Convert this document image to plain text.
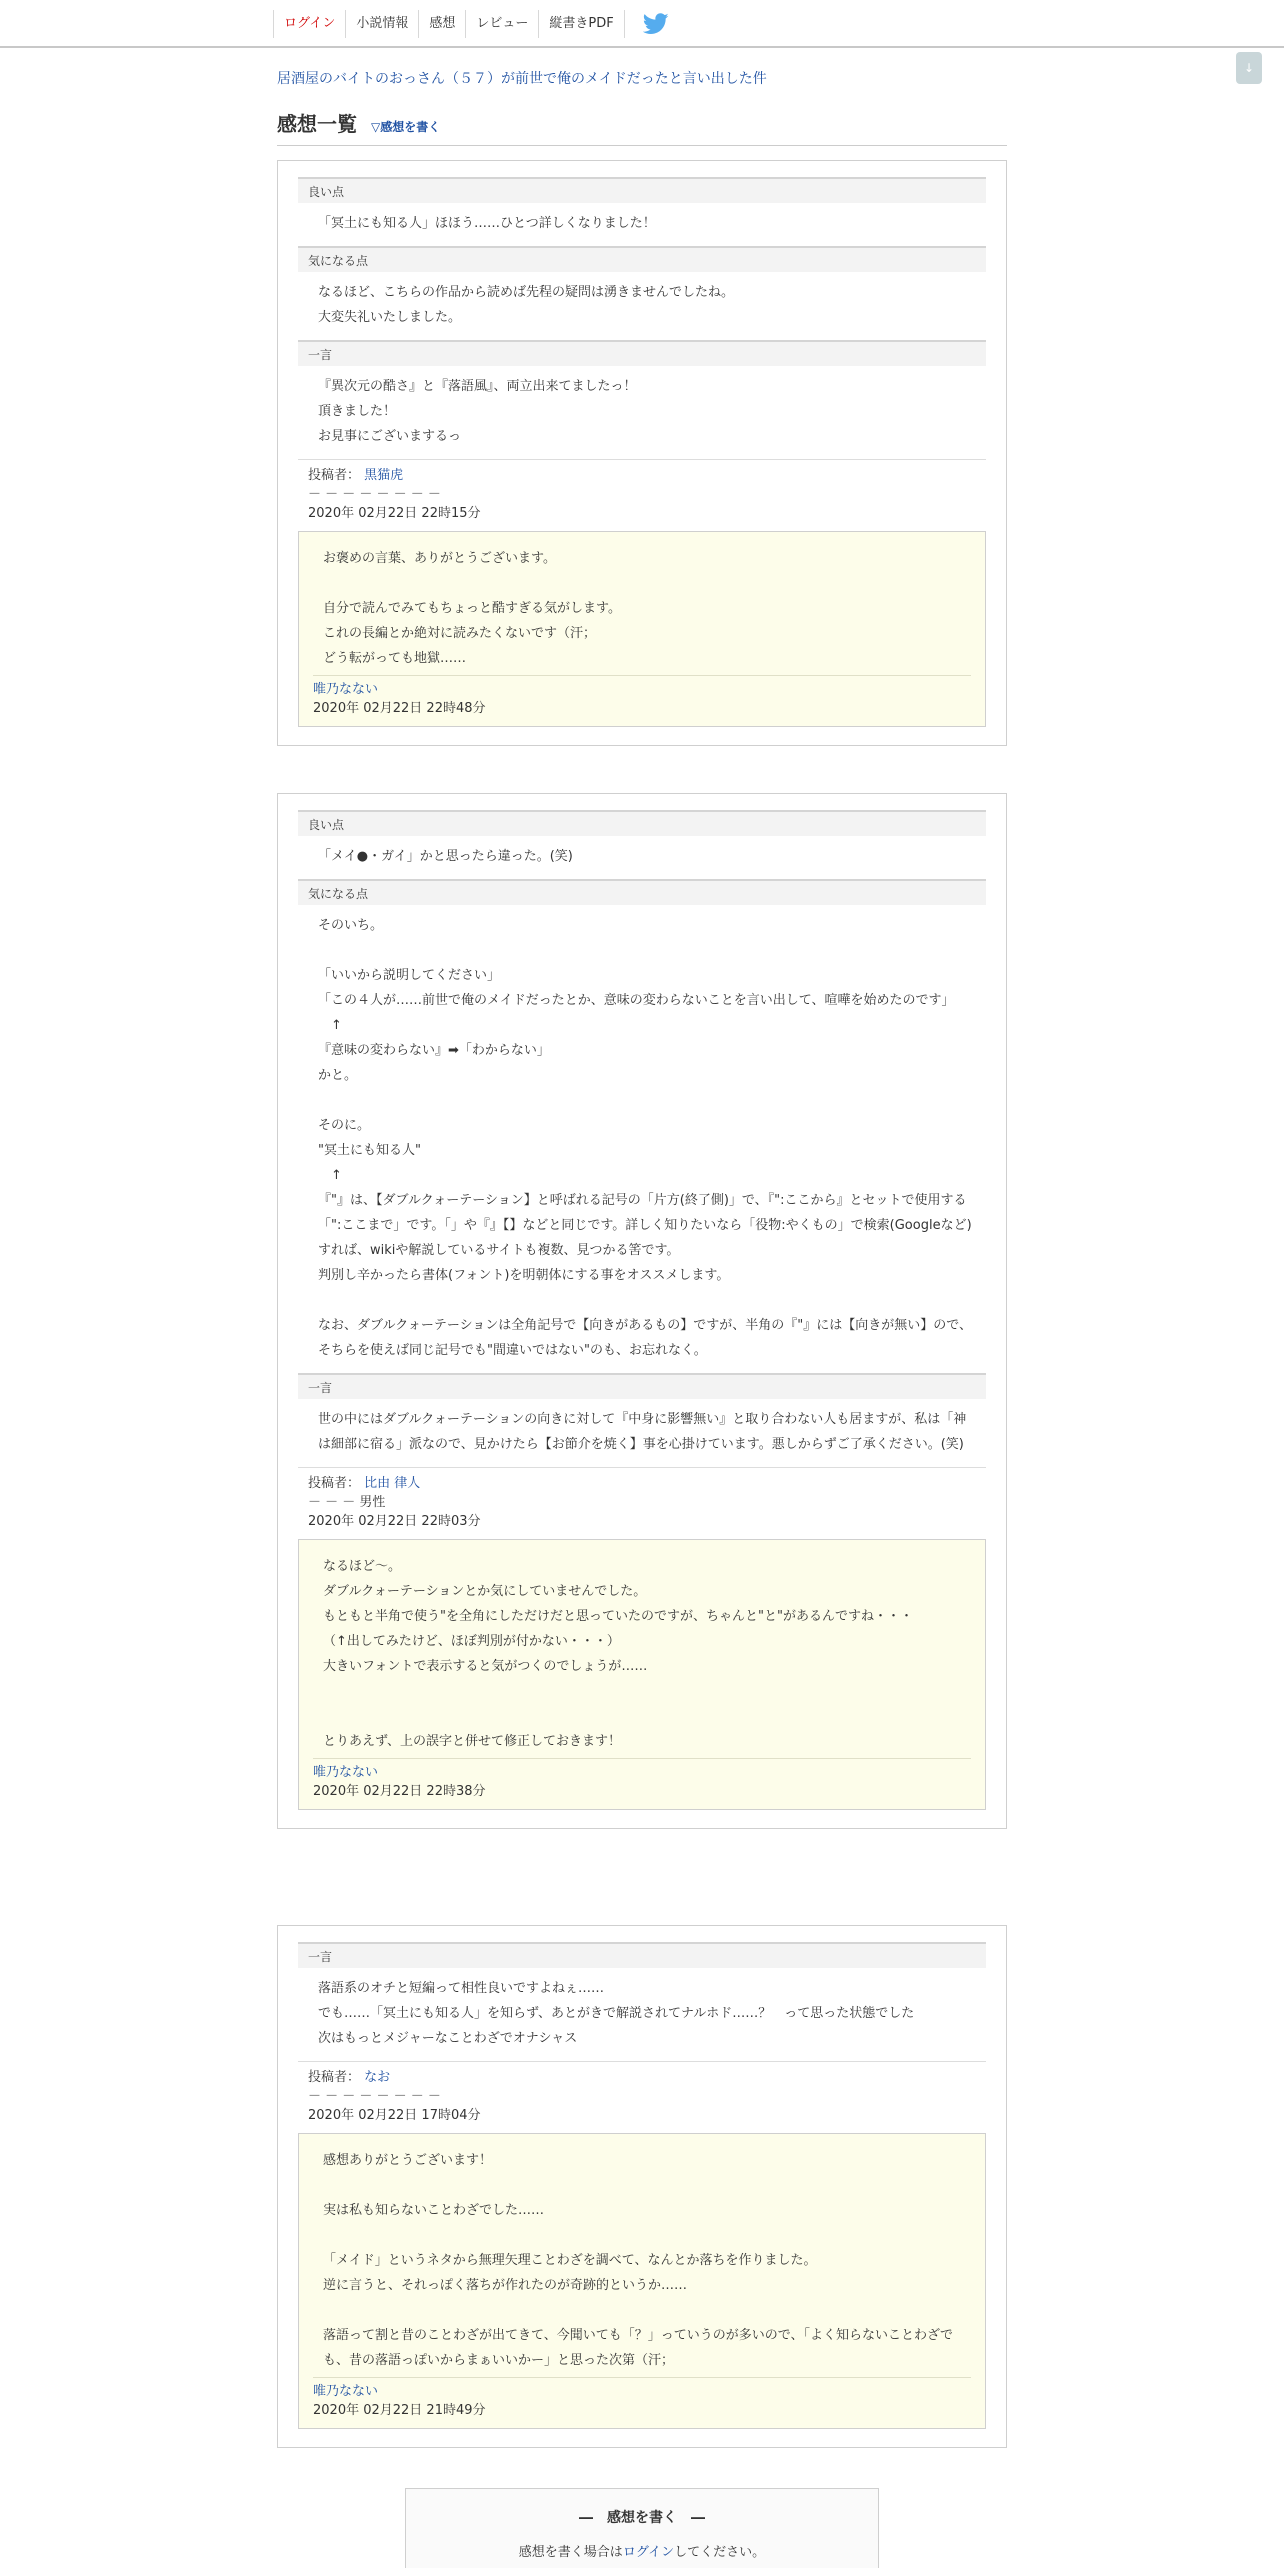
ログイン	小説情報	感想	レビュー	縦書きPDF
↓
居酒屋のバイトのおっさん（５７）が前世で俺のメイドだったと言い出した件
感想一覧 ▽感想を書く
良い点
「冥土にも知る人」ほほう……ひとつ詳しくなりました！
気になる点
なるほど、こちらの作品から読めば先程の疑問は湧きませんでしたね。
大変失礼いたしました。
一言
『異次元の酷さ』と『落語風』、両立出来てましたっ！
頂きました！
お見事にございまするっ
投稿者： 黒猫虎
－ － － － － － － －
2020年 02月22日 22時15分
お褒めの言葉、ありがとうございます。

自分で読んでみてもちょっと酷すぎる気がします。
これの長編とか絶対に読みたくないです（汗；
どう転がっても地獄……
唯乃なない
2020年 02月22日 22時48分
良い点
「メイ●・ガイ」かと思ったら違った。(笑)
気になる点
そのいち。

「いいから説明してください」
「この４人が……前世で俺のメイドだったとか、意味の変わらないことを言い出して、喧嘩を始めたのです」
　↑
『意味の変わらない』➡「わからない」
かと。

そのに。
"冥土にも知る人"
　↑
『"』は、【ダブルクォーテーション】と呼ばれる記号の「片方(終了側)」で、『":ここから』とセットで使用する「":ここまで」です。「」や『』【】などと同じです。詳しく知りたいなら「役物:やくもの」で検索(Googleなど)すれば、wikiや解説しているサイトも複数、見つかる筈です。
判別し辛かったら書体(フォント)を明朝体にする事をオススメします。

なお、ダブルクォーテーションは全角記号で【向きがあるもの】ですが、半角の『"』には【向きが無い】ので、そちらを使えば同じ記号でも"間違いではない"のも、お忘れなく。
一言
世の中にはダブルクォーテーションの向きに対して『中身に影響無い』と取り合わない人も居ますが、私は「神は細部に宿る」派なので、見かけたら【お節介を焼く】事を心掛けています。悪しからずご了承ください。(笑)
投稿者： 比由 律人
－ － － 男性
2020年 02月22日 22時03分
なるほど～。
ダブルクォーテーションとか気にしていませんでした。
もともと半角で使う"を全角にしただけだと思っていたのですが、ちゃんと"と"があるんですね・・・
（↑出してみたけど、ほぼ判別が付かない・・・）
大きいフォントで表示すると気がつくのでしょうが……

とりあえず、上の誤字と併せて修正しておきます！
唯乃なない
2020年 02月22日 22時38分
一言
落語系のオチと短編って相性良いですよねぇ……
でも……「冥土にも知る人」を知らず、あとがきで解説されてナルホド……？　って思った状態でした
次はもっとメジャーなことわざでオナシャス
投稿者： なお
－ － － － － － － －
2020年 02月22日 17時04分
感想ありがとうございます！

実は私も知らないことわざでした……

「メイド」というネタから無理矢理ことわざを調べて、なんとか落ちを作りました。
逆に言うと、それっぽく落ちが作れたのが奇跡的というか……

落語って割と昔のことわざが出てきて、今聞いても「？」っていうのが多いので、「よく知らないことわざでも、昔の落語っぽいからまぁいいかー」と思った次第（汗；
唯乃なない
2020年 02月22日 21時49分
―　感想を書く　―
感想を書く場合はログインしてください。
